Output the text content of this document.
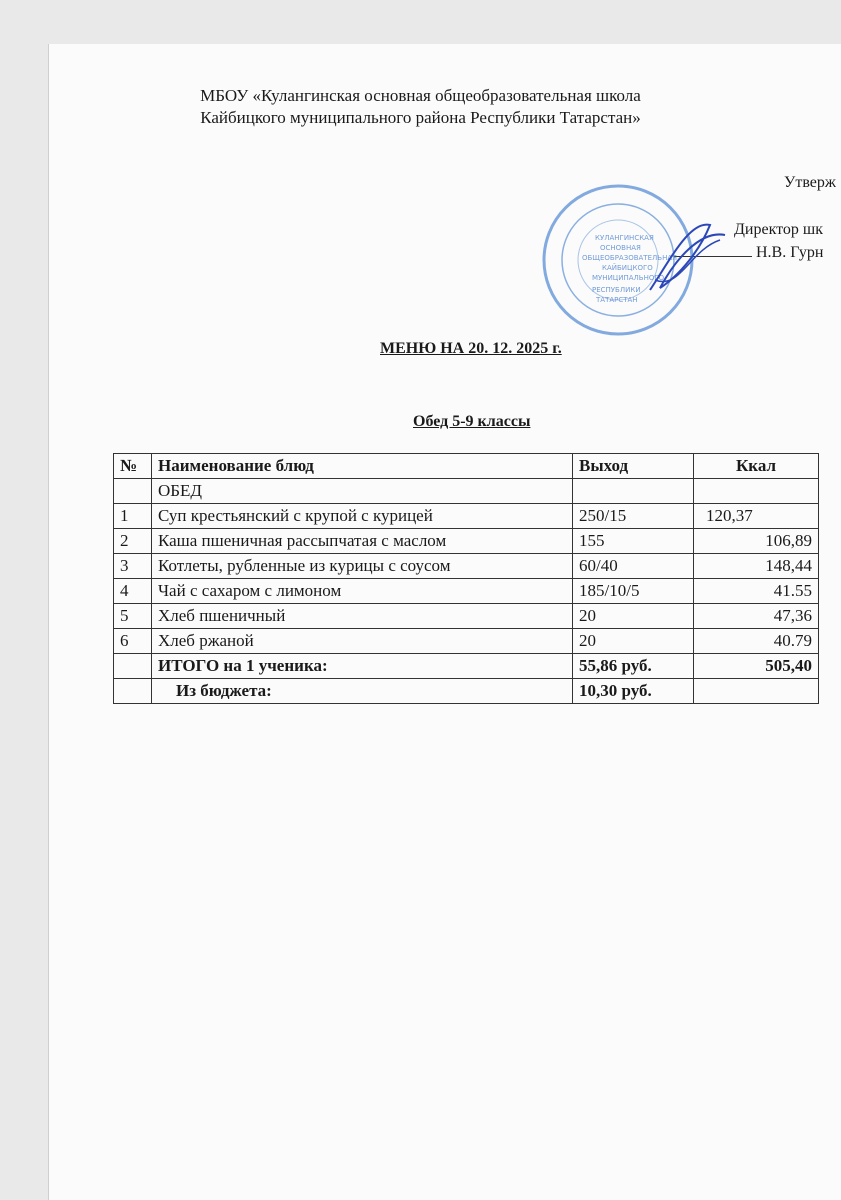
МБОУ «Кулангинская основная общеобразовательная школа
Кайбицкого муниципального района Республики Татарстан»
Утверж
Директор шк
Н.В. Гурн
КУЛАНГИНСКАЯ
ОСНОВНАЯ
ОБЩЕОБРАЗОВАТЕЛЬНАЯ
КАЙБИЦКОГО
МУНИЦИПАЛЬНОГО
РЕСПУБЛИКИ
ТАТАРСТАН
МЕНЮ НА 20. 12. 2025 г.
Обед 5-9 классы
№	Наименование блюд	Выход	Ккал
	ОБЕД		
1	Суп крестьянский с крупой с курицей	250/15	120,37
2	Каша пшеничная рассыпчатая с маслом	155	106,89
3	Котлеты, рубленные из курицы с соусом	60/40	148,44
4	Чай с сахаром с лимоном	185/10/5	41.55
5	Хлеб пшеничный	20	47,36
6	Хлеб ржаной	20	40.79
	ИТОГО на 1 ученика:	55,86 руб.	505,40
	Из бюджета:	10,30 руб.	
